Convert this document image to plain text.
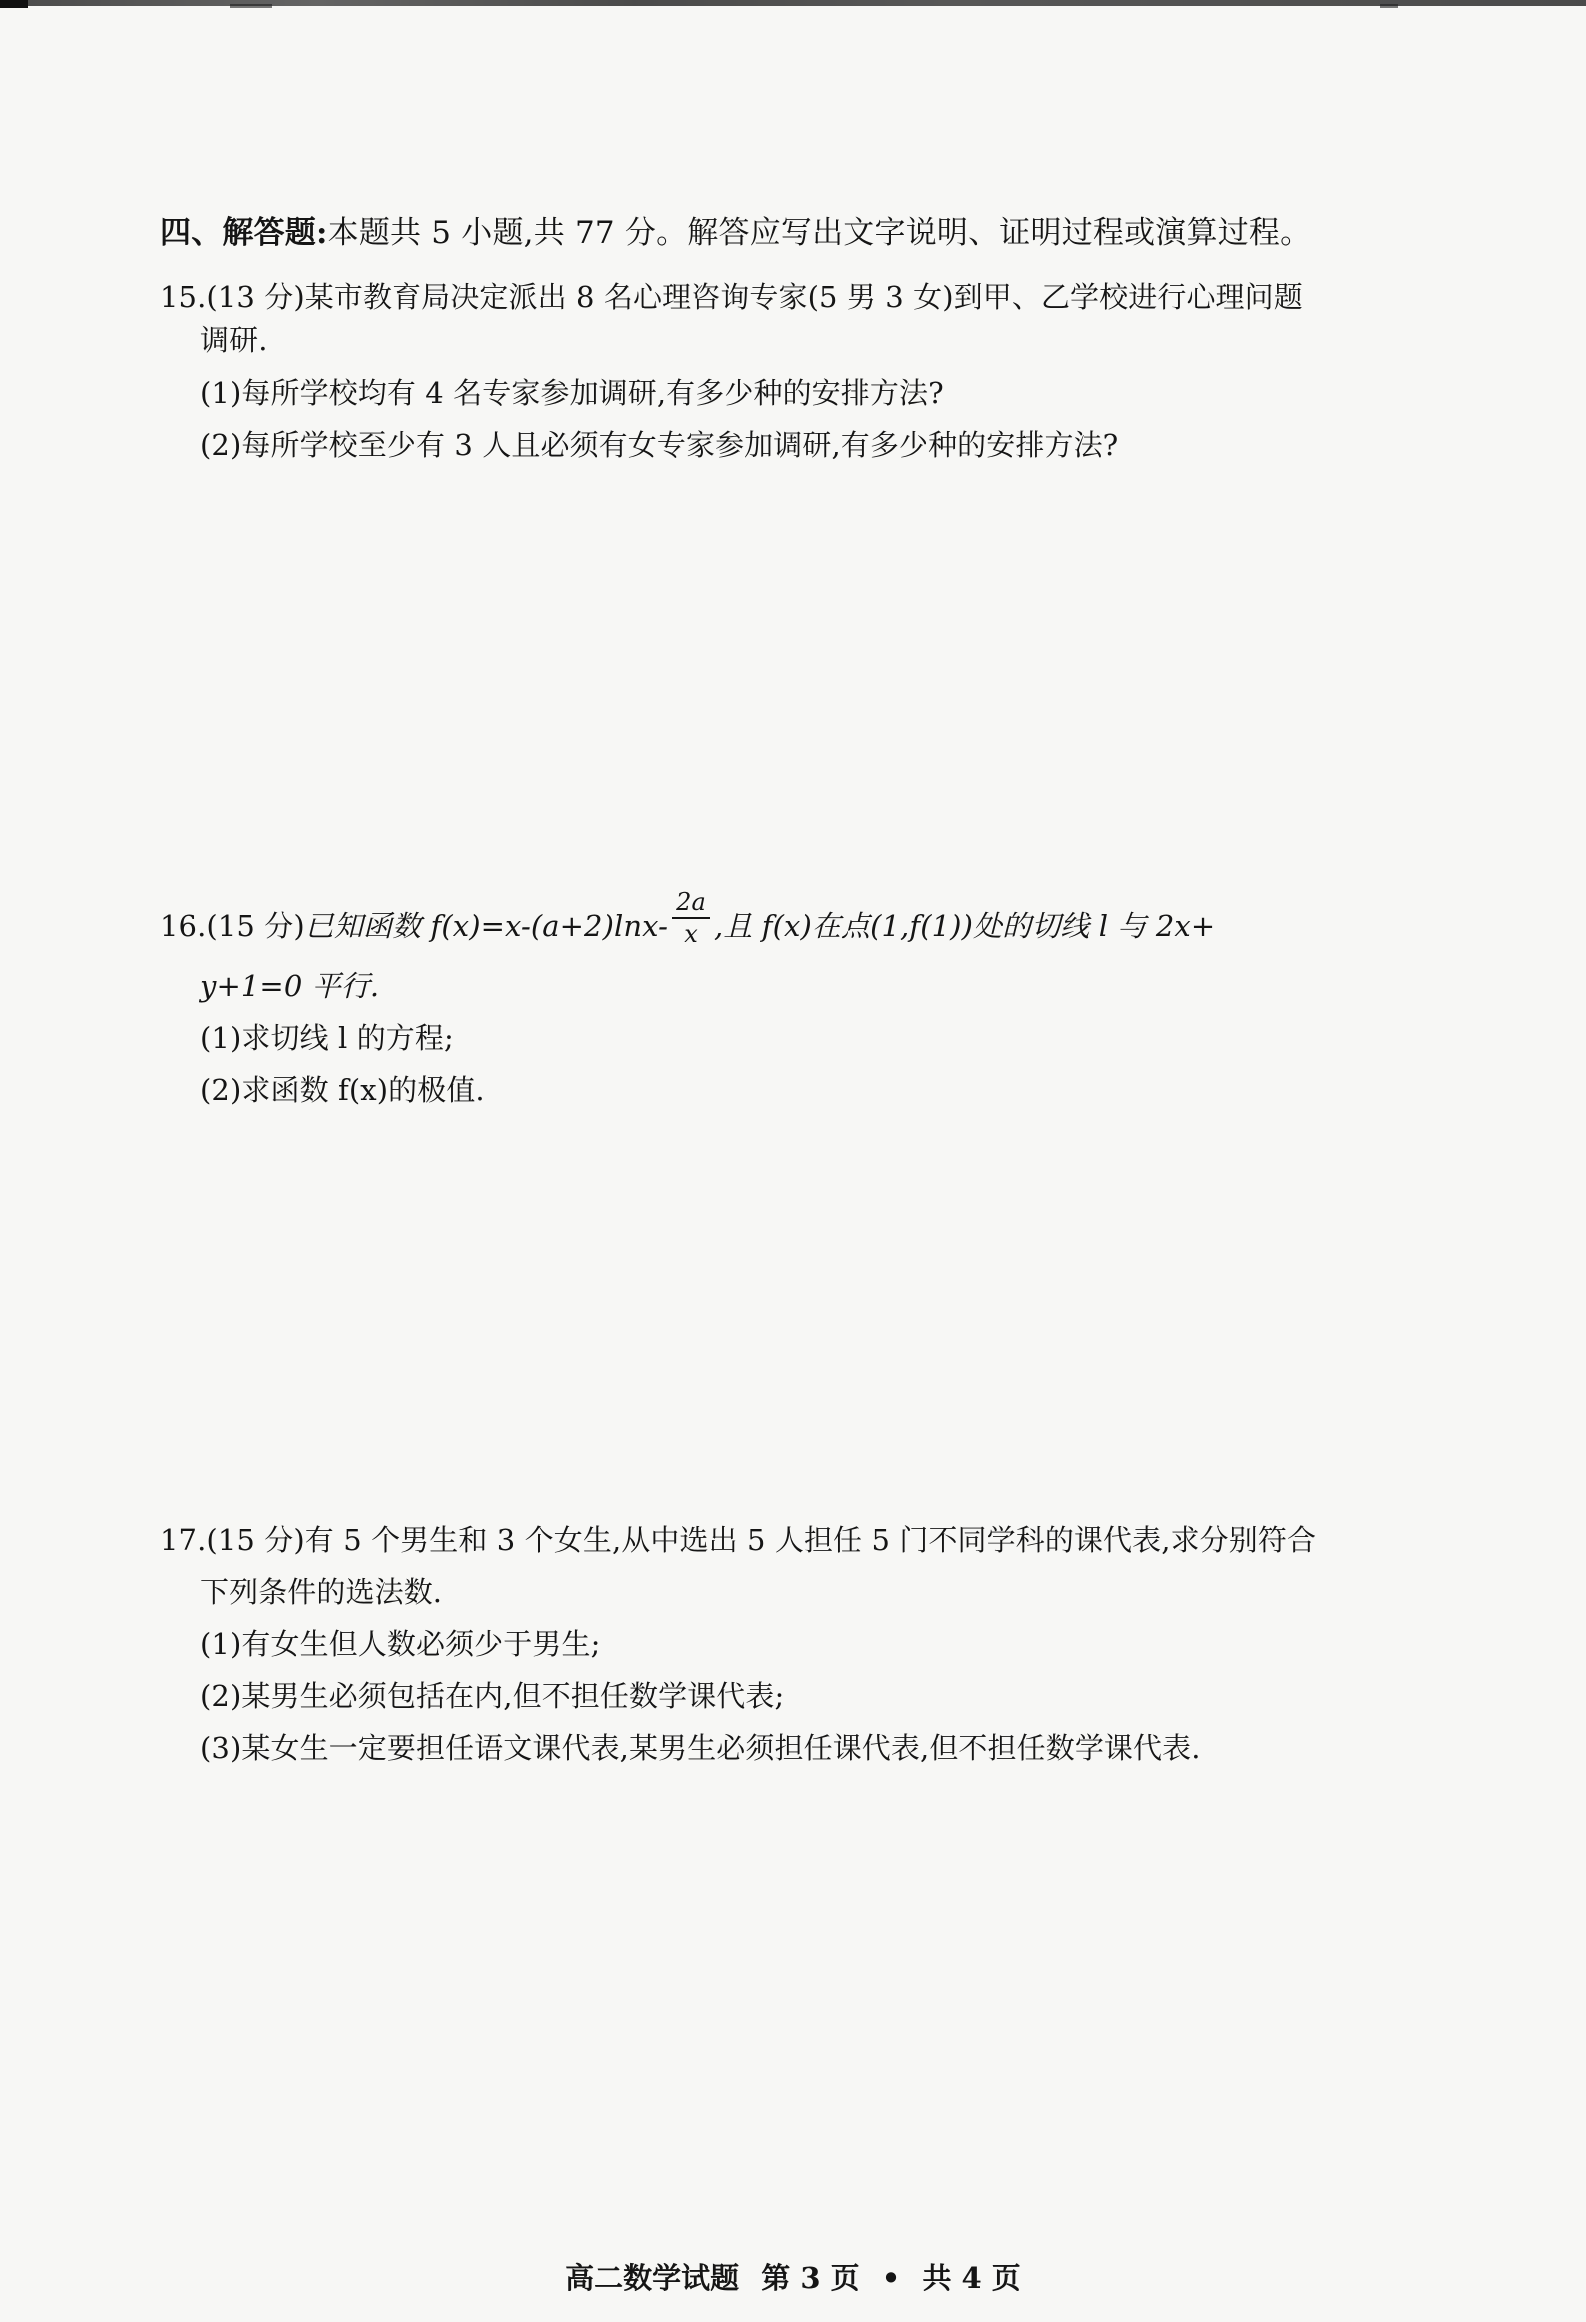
四、解答题:本题共 5 小题,共 77 分。解答应写出文字说明、证明过程或演算过程。
15.(13 分)某市教育局决定派出 8 名心理咨询专家(5 男 3 女)到甲、乙学校进行心理问题
调研.
(1)每所学校均有 4 名专家参加调研,有多少种的安排方法?
(2)每所学校至少有 3 人且必须有女专家参加调研,有多少种的安排方法?
16.(15 分)已知函数 $f(x)=x-(a+2)\ln x- \frac{2a}{x}$ ,且 f(x)在点(1,f(1))处的切线 l 与 2x+
y+1=0 平行.
(1)求切线 l 的方程;
(2)求函数 f(x)的极值.
17.(15 分)有 5 个男生和 3 个女生,从中选出 5 人担任 5 门不同学科的课代表,求分别符合
下列条件的选法数.
(1)有女生但人数必须少于男生;
(2)某男生必须包括在内,但不担任数学课代表;
(3)某女生一定要担任语文课代表,某男生必须担任课代表,但不担任数学课代表.
高二数学试题 第 3 页 • 共 4 页
